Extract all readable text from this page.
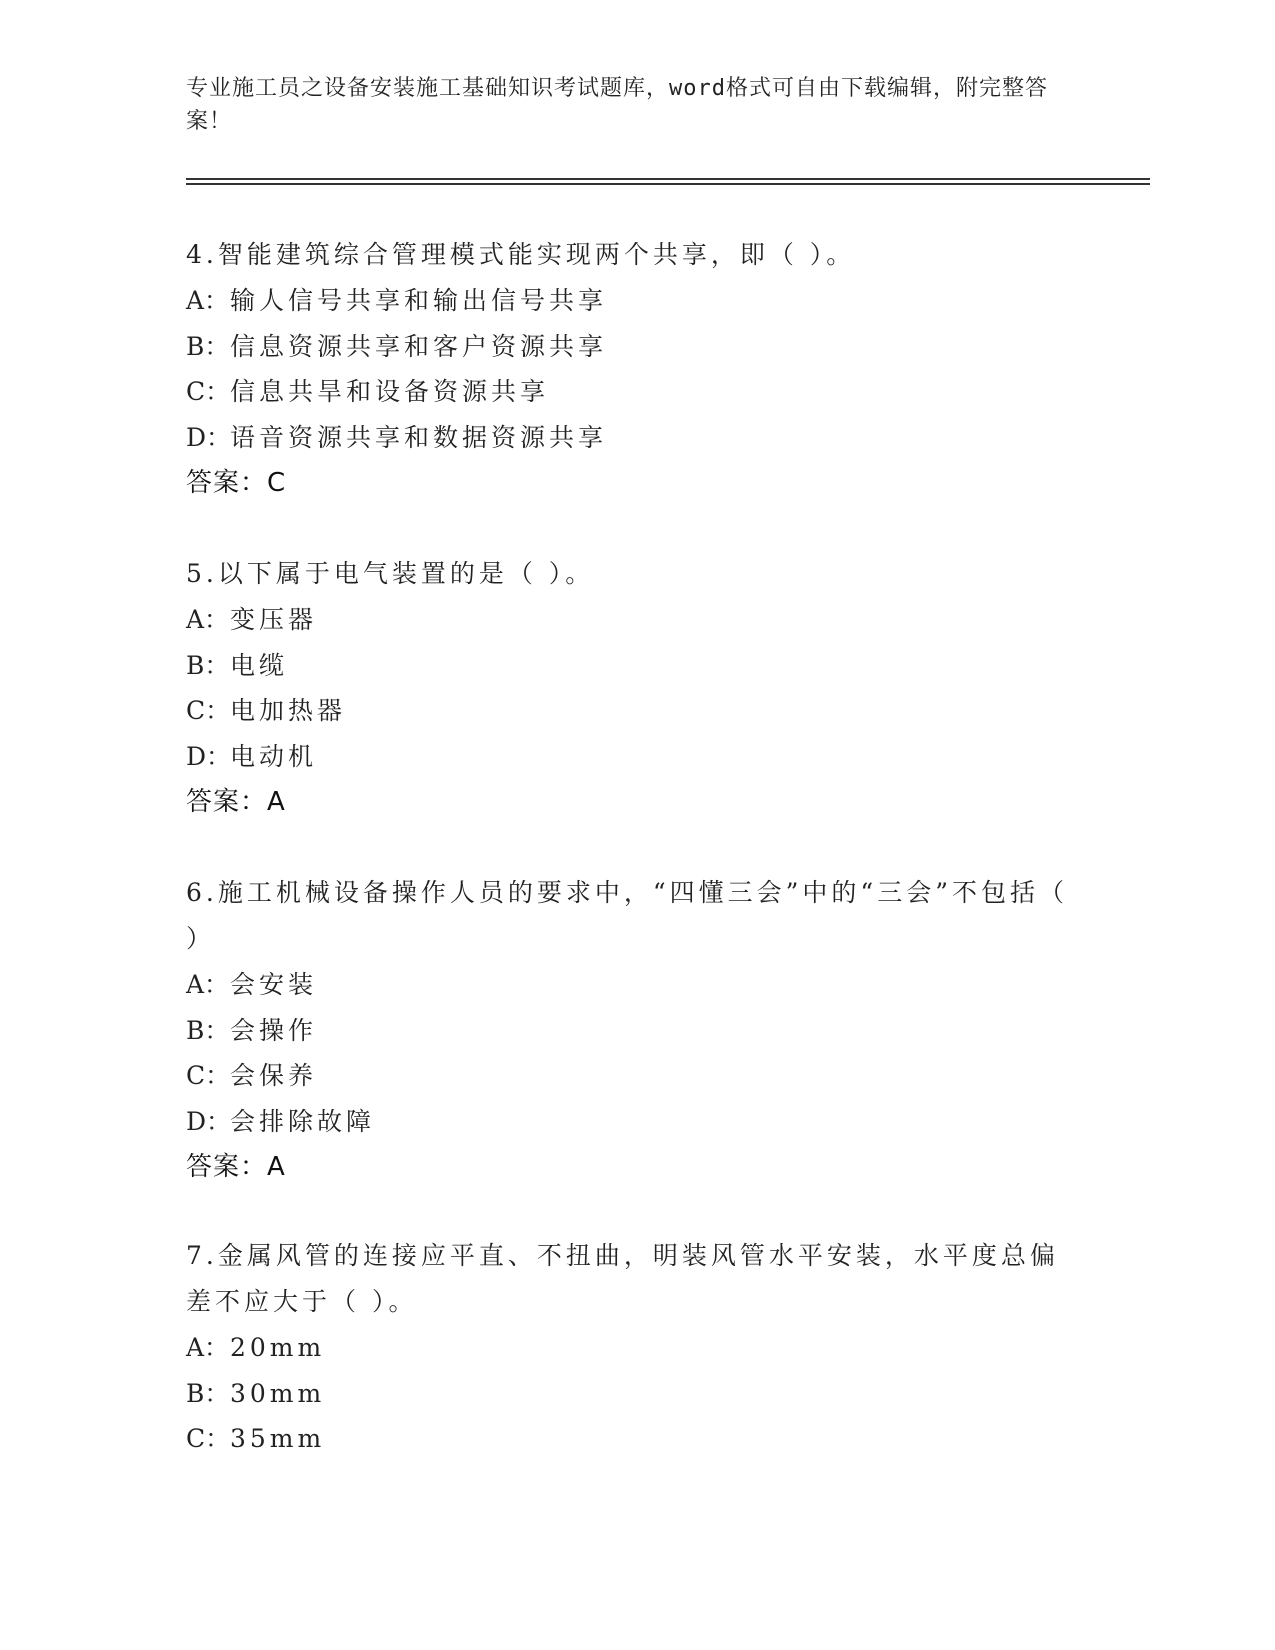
专业施工员之设备安装施工基础知识考试题库，word格式可自由下载编辑，附完整答案！

4.智能建筑综合管理模式能实现两个共享，即（ ）。

A：输人信号共享和输出信号共享
B：信息资源共享和客户资源共享
C：信息共旱和设备资源共享
D：语音资源共享和数据资源共享
答案：C

5.以下属于电气装置的是（ ）。

A：变压器
B：电缆
C：电加热器
D：电动机
答案：A

6.施工机械设备操作人员的要求中，“四懂三会”中的“三会”不包括（ ）

A：会安装
B：会操作
C：会保养
D：会排除故障
答案：A

7.金属风管的连接应平直、不扭曲，明装风管水平安装，水平度总偏差不应大于（ ）。

A：20mm
B：30mm
C：35mm
